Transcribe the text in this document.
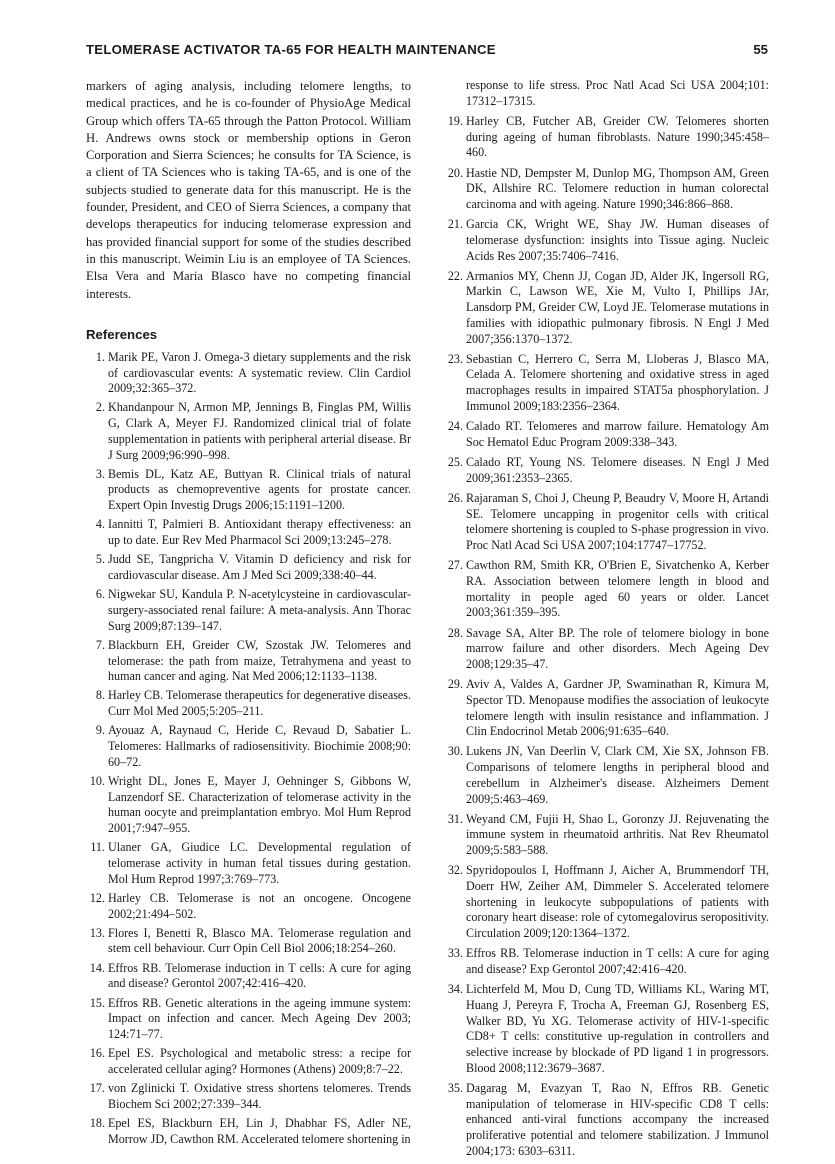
TELOMERASE ACTIVATOR TA-65 FOR HEALTH MAINTENANCE	55

markers of aging analysis, including telomere lengths, to medical practices, and he is co-founder of PhysioAge Medical Group which offers TA-65 through the Patton Protocol. William H. Andrews owns stock or membership options in Geron Corporation and Sierra Sciences; he consults for TA Science, is a client of TA Sciences who is taking TA-65, and is one of the subjects studied to generate data for this manuscript. He is the founder, President, and CEO of Sierra Sciences, a company that develops therapeutics for inducing telomerase expression and has provided financial support for some of the studies described in this manuscript. Weimin Liu is an employee of TA Sciences. Elsa Vera and Maria Blasco have no competing financial interests.

References
1. Marik PE, Varon J. Omega-3 dietary supplements and the risk of cardiovascular events: A systematic review. Clin Cardiol 2009;32:365–372.
2. Khandanpour N, Armon MP, Jennings B, Finglas PM, Willis G, Clark A, Meyer FJ. Randomized clinical trial of folate supplementation in patients with peripheral arterial disease. Br J Surg 2009;96:990–998.
3. Bemis DL, Katz AE, Buttyan R. Clinical trials of natural products as chemopreventive agents for prostate cancer. Expert Opin Investig Drugs 2006;15:1191–1200.
4. Iannitti T, Palmieri B. Antioxidant therapy effectiveness: an up to date. Eur Rev Med Pharmacol Sci 2009;13:245–278.
5. Judd SE, Tangpricha V. Vitamin D deficiency and risk for cardiovascular disease. Am J Med Sci 2009;338:40–44.
6. Nigwekar SU, Kandula P. N-acetylcysteine in cardiovascular-surgery-associated renal failure: A meta-analysis. Ann Thorac Surg 2009;87:139–147.
7. Blackburn EH, Greider CW, Szostak JW. Telomeres and telomerase: the path from maize, Tetrahymena and yeast to human cancer and aging. Nat Med 2006;12:1133–1138.
8. Harley CB. Telomerase therapeutics for degenerative diseases. Curr Mol Med 2005;5:205–211.
9. Ayouaz A, Raynaud C, Heride C, Revaud D, Sabatier L. Telomeres: Hallmarks of radiosensitivity. Biochimie 2008;90: 60–72.
10. Wright DL, Jones E, Mayer J, Oehninger S, Gibbons W, Lanzendorf SE. Characterization of telomerase activity in the human oocyte and preimplantation embryo. Mol Hum Reprod 2001;7:947–955.
11. Ulaner GA, Giudice LC. Developmental regulation of telomerase activity in human fetal tissues during gestation. Mol Hum Reprod 1997;3:769–773.
12. Harley CB. Telomerase is not an oncogene. Oncogene 2002;21:494–502.
13. Flores I, Benetti R, Blasco MA. Telomerase regulation and stem cell behaviour. Curr Opin Cell Biol 2006;18:254–260.
14. Effros RB. Telomerase induction in T cells: A cure for aging and disease? Gerontol 2007;42:416–420.
15. Effros RB. Genetic alterations in the ageing immune system: Impact on infection and cancer. Mech Ageing Dev 2003; 124:71–77.
16. Epel ES. Psychological and metabolic stress: a recipe for accelerated cellular aging? Hormones (Athens) 2009;8:7–22.
17. von Zglinicki T. Oxidative stress shortens telomeres. Trends Biochem Sci 2002;27:339–344.
18. Epel ES, Blackburn EH, Lin J, Dhabhar FS, Adler NE, Morrow JD, Cawthon RM. Accelerated telomere shortening in

response to life stress. Proc Natl Acad Sci USA 2004;101: 17312–17315.

19. Harley CB, Futcher AB, Greider CW. Telomeres shorten during ageing of human fibroblasts. Nature 1990;345:458–460.
20. Hastie ND, Dempster M, Dunlop MG, Thompson AM, Green DK, Allshire RC. Telomere reduction in human colorectal carcinoma and with ageing. Nature 1990;346:866–868.
21. Garcia CK, Wright WE, Shay JW. Human diseases of telomerase dysfunction: insights into Tissue aging. Nucleic Acids Res 2007;35:7406–7416.
22. Armanios MY, Chenn JJ, Cogan JD, Alder JK, Ingersoll RG, Markin C, Lawson WE, Xie M, Vulto I, Phillips JAr, Lansdorp PM, Greider CW, Loyd JE. Telomerase mutations in families with idiopathic pulmonary fibrosis. N Engl J Med 2007;356:1370–1372.
23. Sebastian C, Herrero C, Serra M, Lloberas J, Blasco MA, Celada A. Telomere shortening and oxidative stress in aged macrophages results in impaired STAT5a phosphorylation. J Immunol 2009;183:2356–2364.
24. Calado RT. Telomeres and marrow failure. Hematology Am Soc Hematol Educ Program 2009:338–343.
25. Calado RT, Young NS. Telomere diseases. N Engl J Med 2009;361:2353–2365.
26. Rajaraman S, Choi J, Cheung P, Beaudry V, Moore H, Artandi SE. Telomere uncapping in progenitor cells with critical telomere shortening is coupled to S-phase progression in vivo. Proc Natl Acad Sci USA 2007;104:17747–17752.
27. Cawthon RM, Smith KR, O'Brien E, Sivatchenko A, Kerber RA. Association between telomere length in blood and mortality in people aged 60 years or older. Lancet 2003;361:359–395.
28. Savage SA, Alter BP. The role of telomere biology in bone marrow failure and other disorders. Mech Ageing Dev 2008;129:35–47.
29. Aviv A, Valdes A, Gardner JP, Swaminathan R, Kimura M, Spector TD. Menopause modifies the association of leukocyte telomere length with insulin resistance and inflammation. J Clin Endocrinol Metab 2006;91:635–640.
30. Lukens JN, Van Deerlin V, Clark CM, Xie SX, Johnson FB. Comparisons of telomere lengths in peripheral blood and cerebellum in Alzheimer's disease. Alzheimers Dement 2009;5:463–469.
31. Weyand CM, Fujii H, Shao L, Goronzy JJ. Rejuvenating the immune system in rheumatoid arthritis. Nat Rev Rheumatol 2009;5:583–588.
32. Spyridopoulos I, Hoffmann J, Aicher A, Brummendorf TH, Doerr HW, Zeiher AM, Dimmeler S. Accelerated telomere shortening in leukocyte subpopulations of patients with coronary heart disease: role of cytomegalovirus seropositivity. Circulation 2009;120:1364–1372.
33. Effros RB. Telomerase induction in T cells: A cure for aging and disease? Exp Gerontol 2007;42:416–420.
34. Lichterfeld M, Mou D, Cung TD, Williams KL, Waring MT, Huang J, Pereyra F, Trocha A, Freeman GJ, Rosenberg ES, Walker BD, Yu XG. Telomerase activity of HIV-1-specific CD8+ T cells: constitutive up-regulation in controllers and selective increase by blockade of PD ligand 1 in progressors. Blood 2008;112:3679–3687.
35. Dagarag M, Evazyan T, Rao N, Effros RB. Genetic manipulation of telomerase in HIV-specific CD8 T cells: enhanced anti-viral functions accompany the increased proliferative potential and telomere stabilization. J Immunol 2004;173: 6303–6311.
